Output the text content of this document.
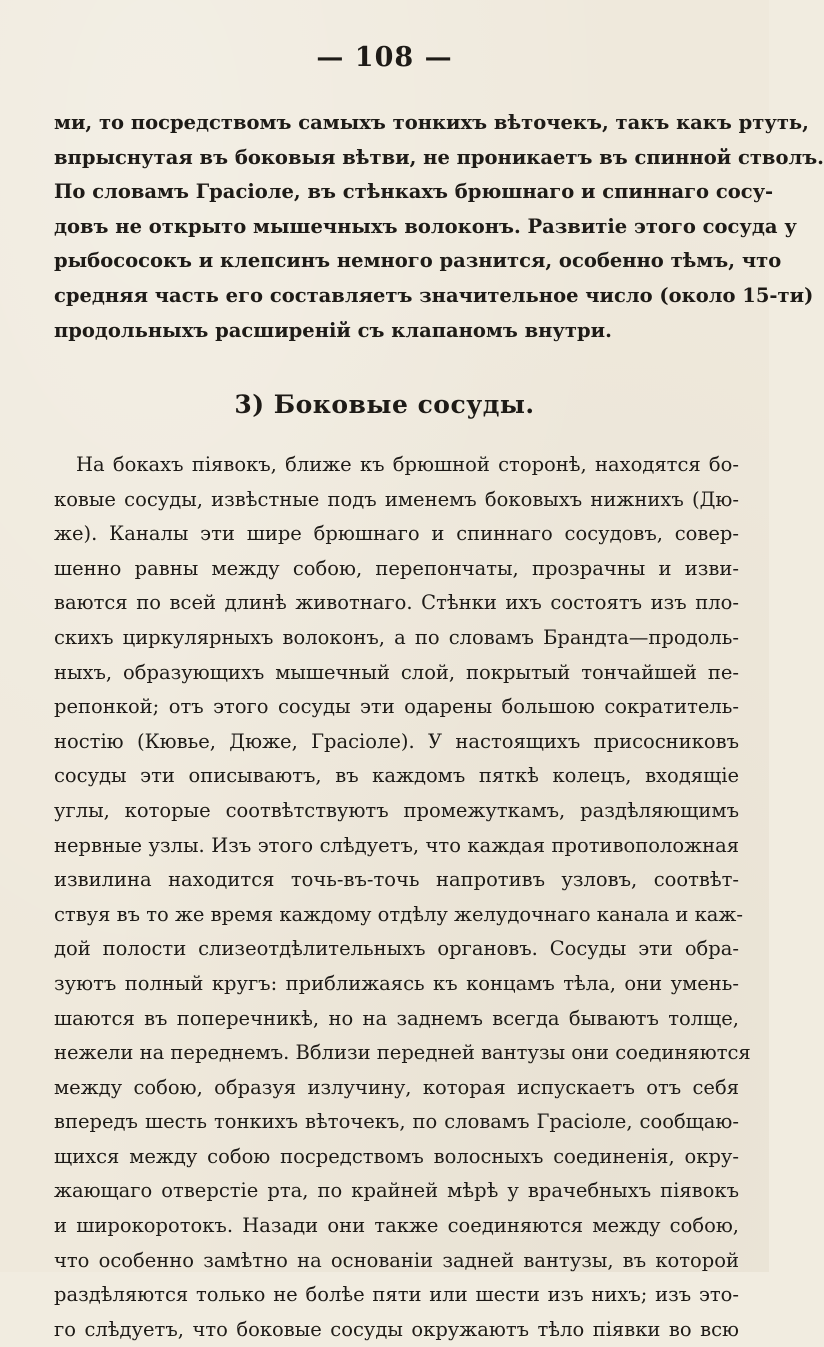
— 108 —
ми, то посредствомъ самыхъ тонкихъ вѣточекъ, такъ какъ ртуть,
впрыснутая въ боковыя вѣтви, не проникаетъ въ спинной стволъ.
По словамъ Грасіоле, въ стѣнкахъ брюшнаго и спиннаго сосу-
довъ не открыто мышечныхъ волоконъ. Развитіе этого сосуда у
рыбососокъ и клепсинъ немного разнится, особенно тѣмъ, что
средняя часть его составляетъ значительное число (около 15-ти)
продольныхъ расширеній съ клапаномъ внутри.
3) Боковые сосуды.
На бокахъ піявокъ, ближе къ брюшной сторонѣ, находятся бо-
ковые сосуды, извѣстные подъ именемъ боковыхъ нижнихъ (Дю-
же). Каналы эти шире брюшнаго и спиннаго сосудовъ, совер-
шенно равны между собою, перепончаты, прозрачны и изви-
ваются по всей длинѣ животнаго. Стѣнки ихъ состоятъ изъ пло-
скихъ циркулярныхъ волоконъ, а по словамъ Брандта—продоль-
ныхъ, образующихъ мышечный слой, покрытый тончайшей пе-
репонкой; отъ этого сосуды эти одарены большою сократитель-
ностію (Кювье, Дюже, Грасіоле). У настоящихъ присосниковъ
сосуды эти описываютъ, въ каждомъ пяткѣ колецъ, входящіе
углы, которые соотвѣтствуютъ промежуткамъ, раздѣляющимъ
нервные узлы. Изъ этого слѣдуетъ, что каждая противоположная
извилина находится точь-въ-точь напротивъ узловъ, соотвѣт-
ствуя въ то же время каждому отдѣлу желудочнаго канала и каж-
дой полости слизеотдѣлительныхъ органовъ. Сосуды эти обра-
зуютъ полный кругъ: приближаясь къ концамъ тѣла, они умень-
шаются въ поперечникѣ, но на заднемъ всегда бываютъ толще,
нежели на переднемъ. Вблизи передней вантузы они соединяются
между собою, образуя излучину, которая испускаетъ отъ себя
впередъ шесть тонкихъ вѣточекъ, по словамъ Грасіоле, сообщаю-
щихся между собою посредствомъ волосныхъ соединенія, окру-
жающаго отверстіе рта, по крайней мѣрѣ у врачебныхъ піявокъ
и широкоротокъ. Назади они также соединяются между собою,
что особенно замѣтно на основаніи задней вантузы, въ которой
раздѣляются только не болѣе пяти или шести изъ нихъ; изъ это-
го слѣдуетъ, что боковые сосуды окружаютъ тѣло піявки во всю
